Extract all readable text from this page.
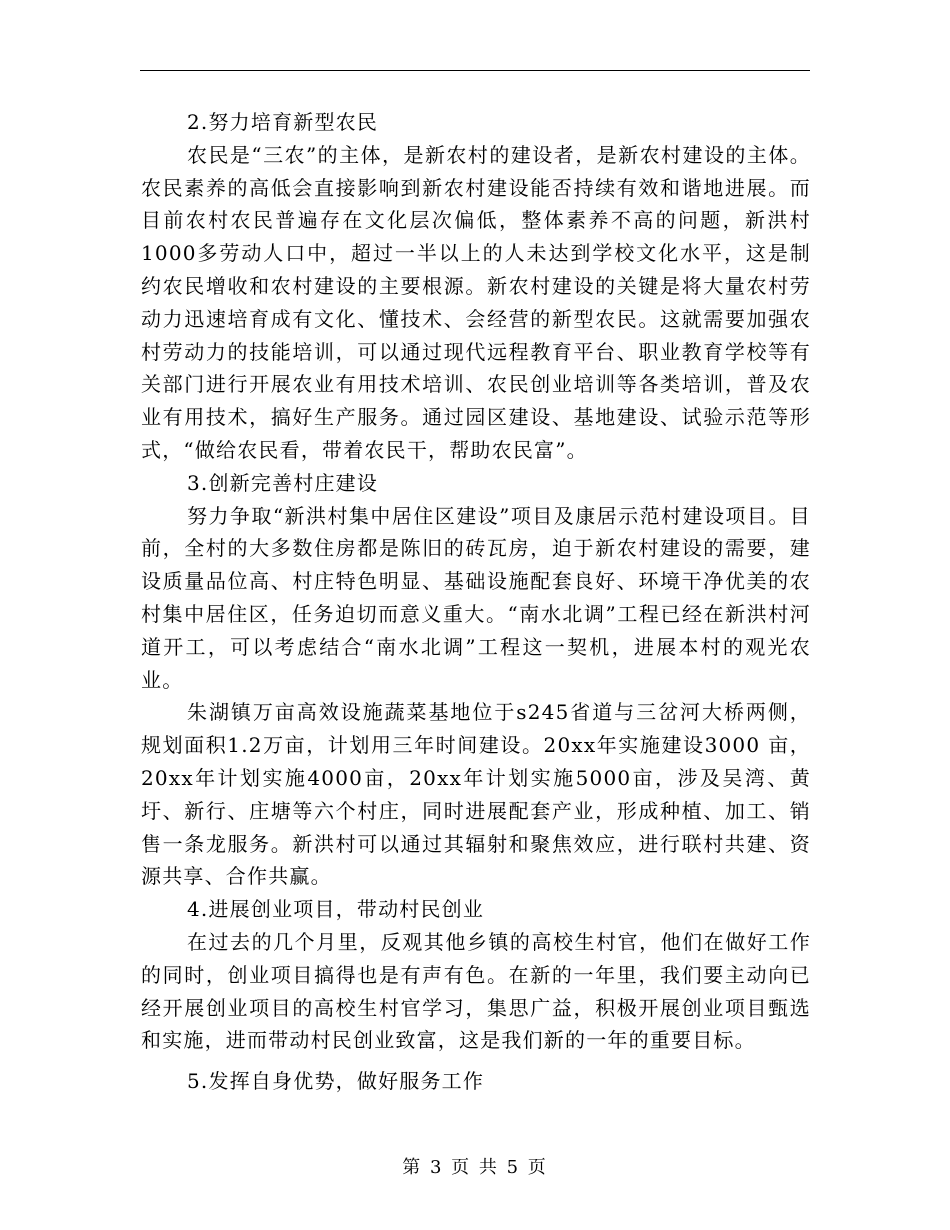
2.努力培育新型农民

农民是“三农”的主体，是新农村的建设者，是新农村建设的主体。农民素养的高低会直接影响到新农村建设能否持续有效和谐地进展。而目前农村农民普遍存在文化层次偏低，整体素养不高的问题，新洪村1000多劳动人口中，超过一半以上的人未达到学校文化水平，这是制约农民增收和农村建设的主要根源。新农村建设的关键是将大量农村劳动力迅速培育成有文化、懂技术、会经营的新型农民。这就需要加强农村劳动力的技能培训，可以通过现代远程教育平台、职业教育学校等有关部门进行开展农业有用技术培训、农民创业培训等各类培训，普及农业有用技术，搞好生产服务。通过园区建设、基地建设、试验示范等形式，“做给农民看，带着农民干，帮助农民富”。

3.创新完善村庄建设

努力争取“新洪村集中居住区建设”项目及康居示范村建设项目。目前，全村的大多数住房都是陈旧的砖瓦房，迫于新农村建设的需要，建设质量品位高、村庄特色明显、基础设施配套良好、环境干净优美的农村集中居住区，任务迫切而意义重大。“南水北调”工程已经在新洪村河道开工，可以考虑结合“南水北调”工程这一契机，进展本村的观光农业。

朱湖镇万亩高效设施蔬菜基地位于s245省道与三岔河大桥两侧，规划面积1.2万亩，计划用三年时间建设。20xx年实施建设3000 亩，20xx年计划实施4000亩，20xx年计划实施5000亩，涉及吴湾、黄圩、新行、庄塘等六个村庄，同时进展配套产业，形成种植、加工、销售一条龙服务。新洪村可以通过其辐射和聚焦效应，进行联村共建、资源共享、合作共赢。

4.进展创业项目，带动村民创业

在过去的几个月里，反观其他乡镇的高校生村官，他们在做好工作的同时，创业项目搞得也是有声有色。在新的一年里，我们要主动向已经开展创业项目的高校生村官学习，集思广益，积极开展创业项目甄选和实施，进而带动村民创业致富，这是我们新的一年的重要目标。

5.发挥自身优势，做好服务工作

第 3 页 共 5 页
